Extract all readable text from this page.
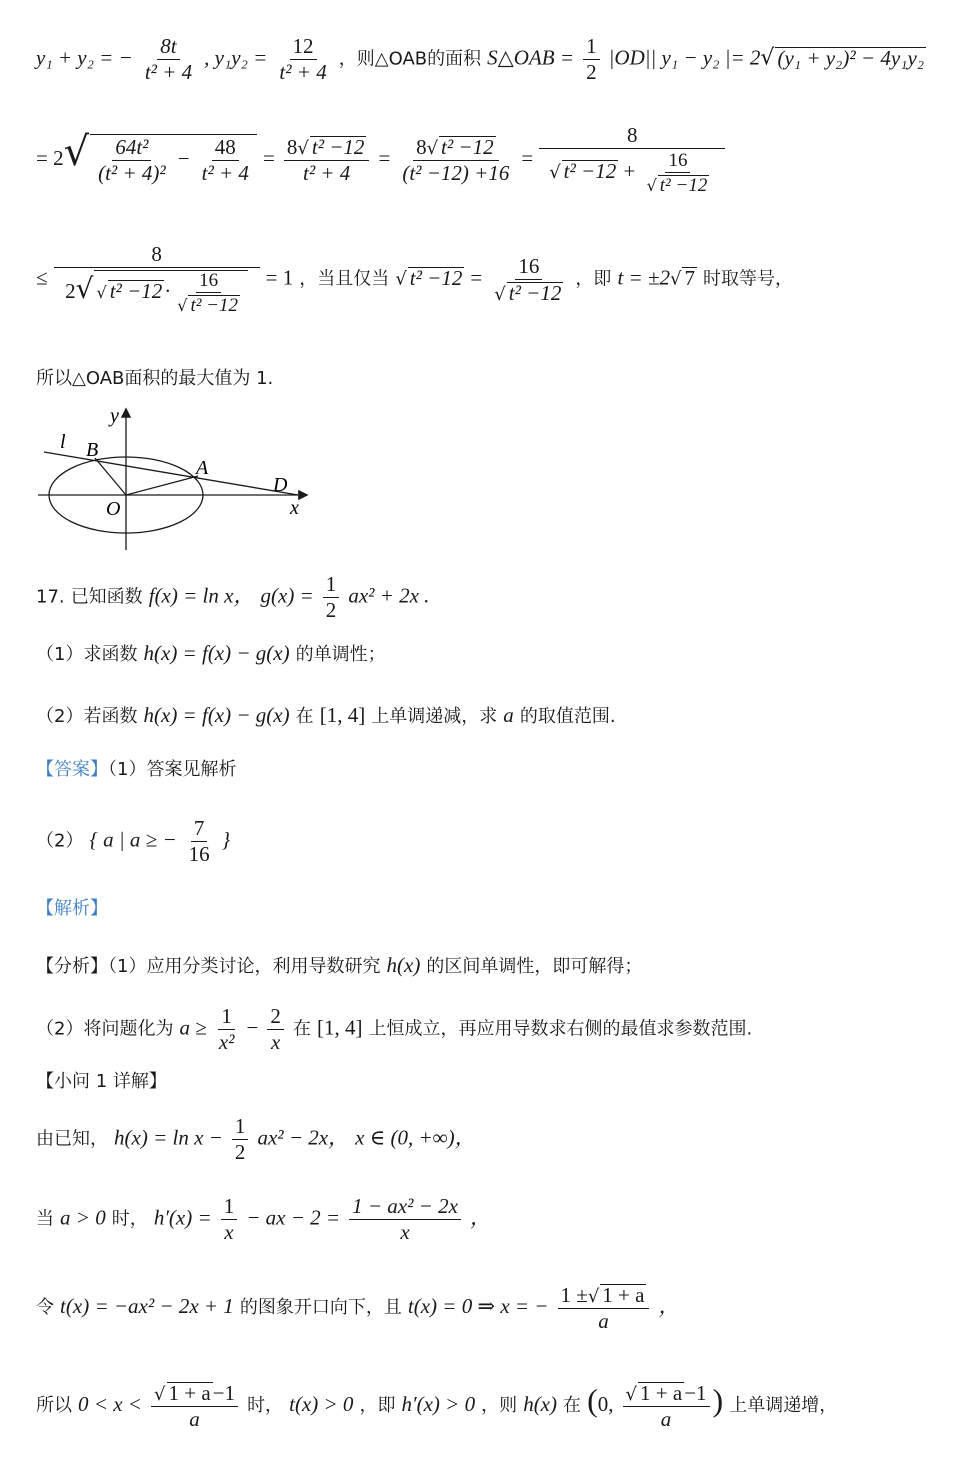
y₁ + y₂ = − $\frac{8t}{\text{t² + 4}}$ , $y_1y_2 = \frac{12}{\text{t² + 4}}$ ，则△OAB的面积 S△OAB = $\frac{1}{2} |OD||$ y₁ − y₂ |= 2√ (y₁ + y₂)² − 4y₁y₂
= $2√ \frac{\text{64t²}}{\text{(t² + 4)²}} - \frac{48}{\text{t² + 4}} = \frac{\text{8√ t² −12}}{\text{t² + 4}} = \frac{\text{8√ t² −12}}{\text{(t² −12) +16}} = \frac{8}{√ t^2 -12 + \frac{16}{\text{√ t² −12}}}$
≤ $\frac{8}{2√ √ t^2 -12\cdot \frac{16}{\text{√ t² −12}}} = 1$ ，当且仅当 √ $t^2 -12 = \frac{16}{\text{√ t² −12}}$ ，即 t = ±2√ 7 时取等号，
所以△OAB面积的最大值为 1.
y
x
l B
A
O
D
17. 已知函数 f(x) = ln x， $g(x) = \frac{1}{2} ax^2 + 2x$ .
（1）求函数 h(x) = f(x) − g(x) 的单调性；
（2）若函数 h(x) = f(x) − g(x) 在 [1, 4] 上单调递减，求 a 的取值范围.
【答案】（1）答案见解析
（2） { a | a ≥ − $\frac{7}{16}$ }
【解析】
【分析】（1）应用分类讨论，利用导数研究 h(x) 的区间单调性，即可解得；
（2）将问题化为 $a \ge \frac{1}{\text{x²}} - \frac{2}{x}$ 在 [1, 4] 上恒成立，再应用导数求右侧的最值求参数范围.
【小问 1 详解】
由已知， $h(x) = \ln x - \frac{1}{2} ax^2 - 2x$， x ∈ (0, +∞)，
当 a > 0 时， $h'(x) = \frac{1}{x}$ − ax − $2 = \frac{\text{1 − ax² − 2x}}{x}$ ，
令 t(x) = −ax² − 2x + 1 的图象开口向下，且 t(x) = 0 ⇒ x = − $\frac{1 \pm√ 1 + a}{a}$ ，
所以 $0 < x < \frac{√ 1 + a-1}{a}$ 时， t(x) > 0 ，即 h′(x) > 0 ，则 h(x) 在 (0, $\frac{√ 1 + a-1}{a}$ ) 上单调递增，
